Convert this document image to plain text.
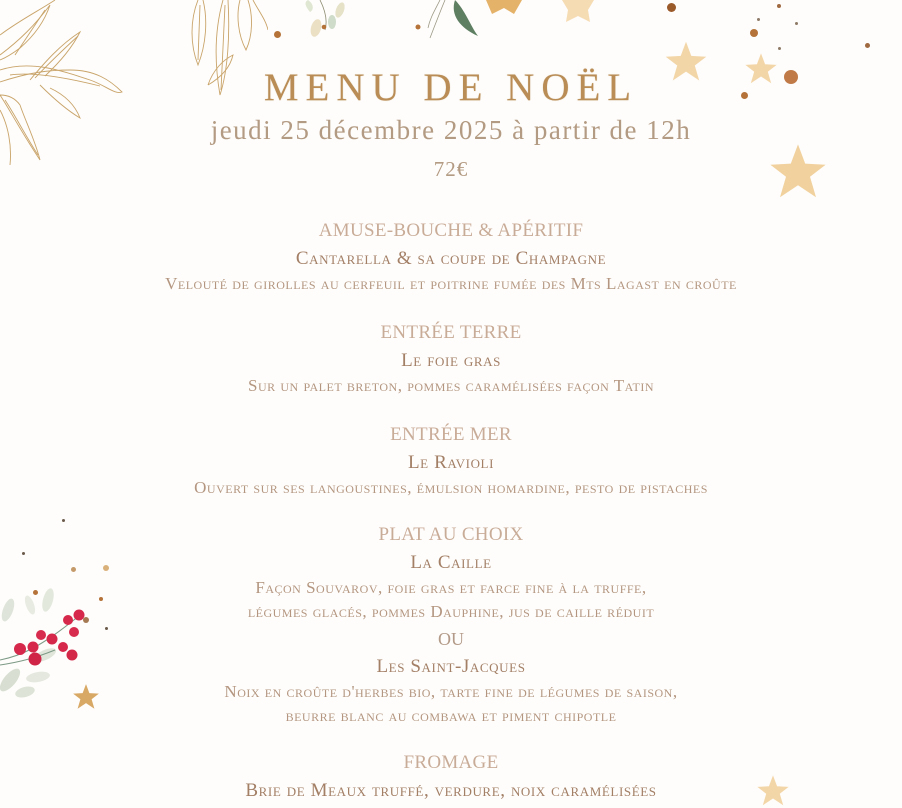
MENU DE NOËL
jeudi 25 décembre 2025 à partir de 12h
72€
AMUSE-BOUCHE & APÉRITIF
Cantarella & sa coupe de Champagne
Velouté de girolles au cerfeuil et poitrine fumée des Mts Lagast en croûte
ENTRÉE TERRE
Le foie gras
Sur un palet breton, pommes caramélisées façon Tatin
ENTRÉE MER
Le Ravioli
Ouvert sur ses langoustines, émulsion homardine, pesto de pistaches
PLAT AU CHOIX
La Caille
Façon Souvarov, foie gras et farce fine à la truffe,
légumes glacés, pommes Dauphine, jus de caille réduit
OU
Les Saint-Jacques
Noix en croûte d'herbes bio, tarte fine de légumes de saison,
beurre blanc au combawa et piment chipotle
FROMAGE
Brie de Meaux truffé, verdure, noix caramélisées
